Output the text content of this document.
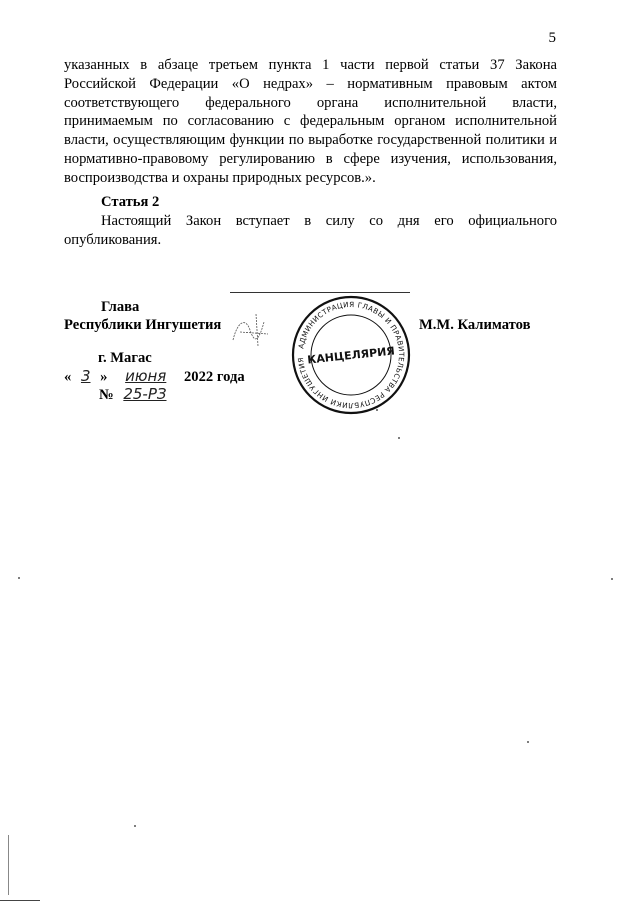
5

указанных в абзаце третьем пункта 1 части первой статьи 37 Закона Российской Федерации «О недрах» – нормативным правовым актом соответствующего федерального органа исполнительной власти, принимаемым по согласованию с федеральным органом исполнительной власти, осуществляющим функции по выработке государственной политики и нормативно-правовому регулированию в сфере изучения, использования, воспроизводства и охраны природных ресурсов.».

Статья 2
Настоящий Закон вступает в силу со дня его официального опубликования.
Глава
Республики Ингушетия
АДМИНИСТРАЦИЯ ГЛАВЫ И ПРАВИТЕЛЬСТВА РЕСПУБЛИКИ ИНГУШЕТИЯ КАНЦЕЛЯРИЯ
М.М. Калиматов
г. Магас
« 3 » июня 2022 года
№ 25-РЗ
